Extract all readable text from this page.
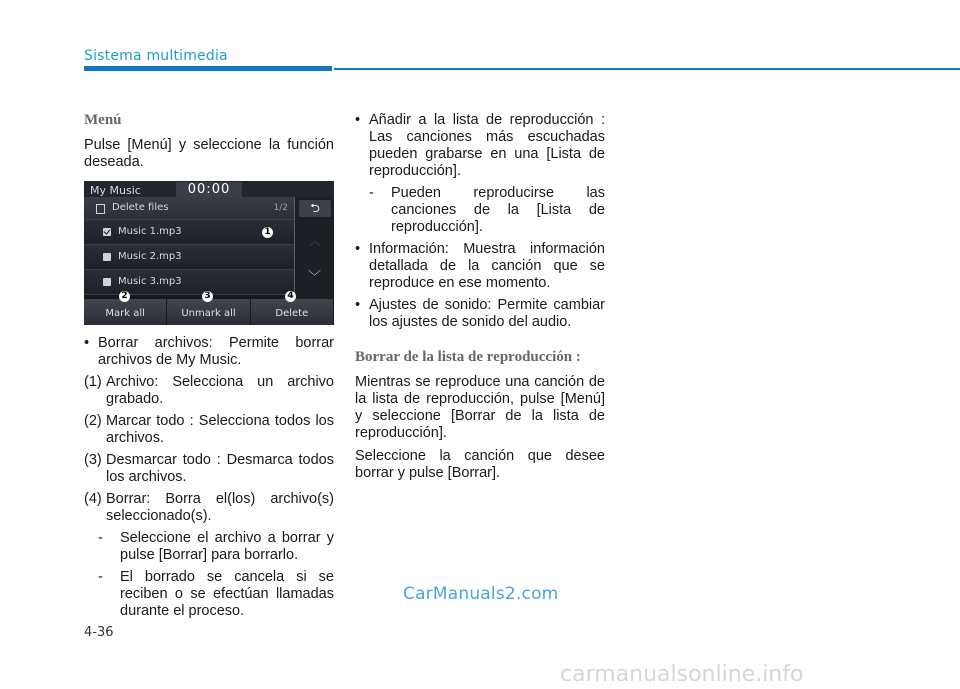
Sistema multimedia
Menú
Pulse [Menú] y seleccione la función deseada.
My Music	00:00
Delete files	1/2
Music 1.mp3
Music 2.mp3
Music 3.mp3
⮌
︿
﹀
Mark all	Unmark all	Delete
1
2	3	4
• Borrar archivos: Permite borrar archivos de My Music.
(1) Archivo: Selecciona un archivo grabado.
(2) Marcar todo : Selecciona todos los archivos.
(3) Desmarcar todo : Desmarca todos los archivos.
(4) Borrar: Borra el(los) archivo(s) seleccionado(s).
- Seleccione el archivo a borrar y pulse [Borrar] para borrarlo.
- El borrado se cancela si se reciben o se efectúan llamadas durante el proceso.
• Añadir a la lista de reproducción : Las canciones más escuchadas pueden grabarse en una [Lista de reproducción].
- Pueden reproducirse las canciones de la [Lista de reproducción].
• Información: Muestra información detallada de la canción que se reproduce en ese momento.
• Ajustes de sonido: Permite cambiar los ajustes de sonido del audio.
Borrar de la lista de reproducción :
Mientras se reproduce una canción de la lista de reproducción, pulse [Menú] y seleccione [Borrar de la lista de reproducción].
Seleccione la canción que desee borrar y pulse [Borrar].
CarManuals2.com
4-36
carmanualsonline.info
